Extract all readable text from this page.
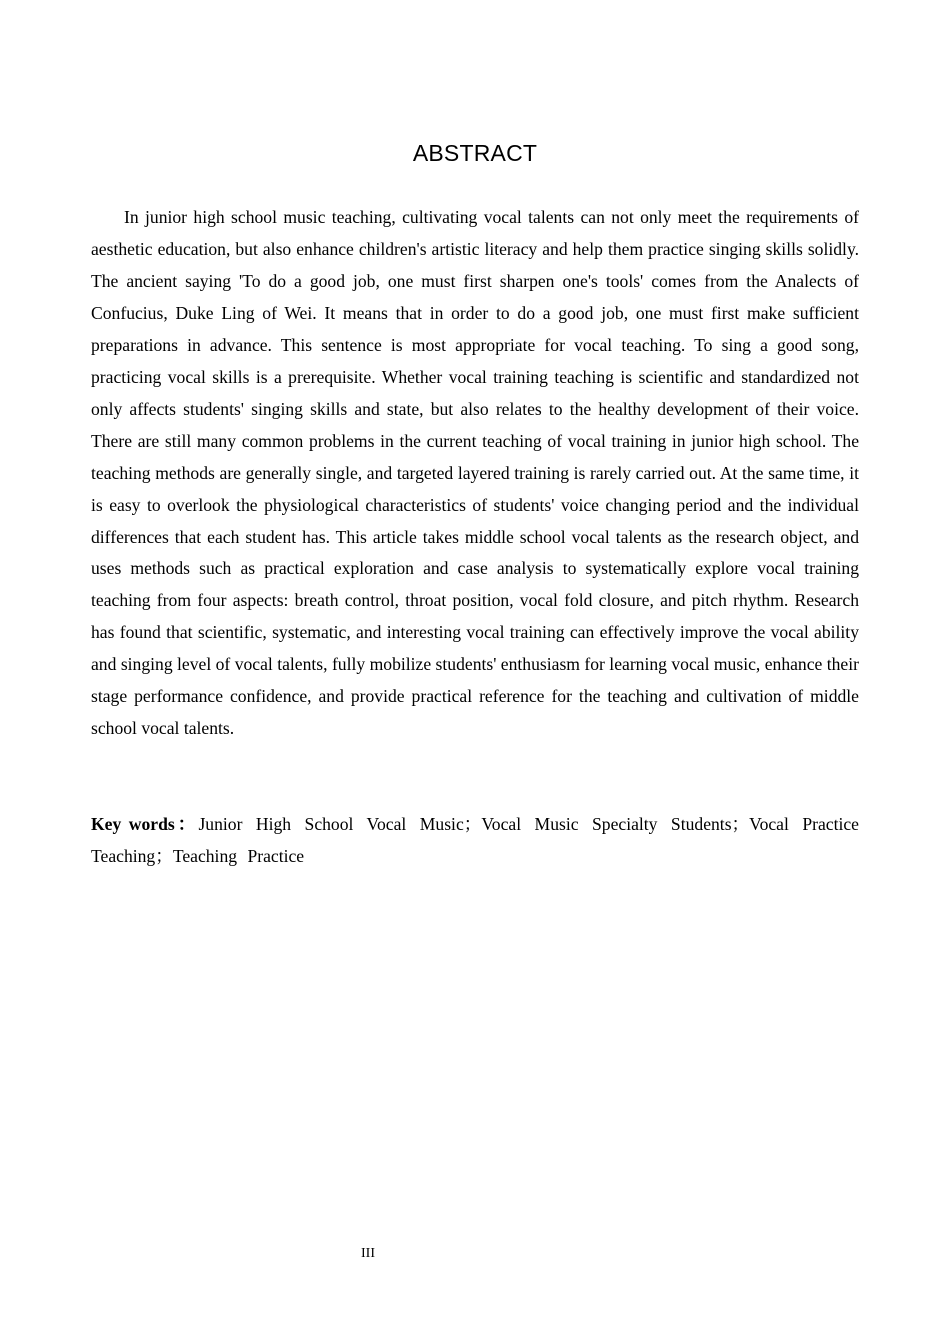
ABSTRACT

In junior high school music teaching, cultivating vocal talents can not only meet the requirements of aesthetic education, but also enhance children's artistic literacy and help them practice singing skills solidly. The ancient saying 'To do a good job, one must first sharpen one's tools' comes from the Analects of Confucius, Duke Ling of Wei. It means that in order to do a good job, one must first make sufficient preparations in advance. This sentence is most appropriate for vocal teaching. To sing a good song, practicing vocal skills is a prerequisite. Whether vocal training teaching is scientific and standardized not only affects students' singing skills and state, but also relates to the healthy development of their voice. There are still many common problems in the current teaching of vocal training in junior high school. The teaching methods are generally single, and targeted layered training is rarely carried out. At the same time, it is easy to overlook the physiological characteristics of students' voice changing period and the individual differences that each student has. This article takes middle school vocal talents as the research object, and uses methods such as practical exploration and case analysis to systematically explore vocal training teaching from four aspects: breath control, throat position, vocal fold closure, and pitch rhythm. Research has found that scientific, systematic, and interesting vocal training can effectively improve the vocal ability and singing level of vocal talents, fully mobilize students' enthusiasm for learning vocal music, enhance their stage performance confidence, and provide practical reference for the teaching and cultivation of middle school vocal talents.

Key words：Junior High School Vocal Music；Vocal Music Specialty Students；Vocal Practice Teaching；Teaching Practice

III
